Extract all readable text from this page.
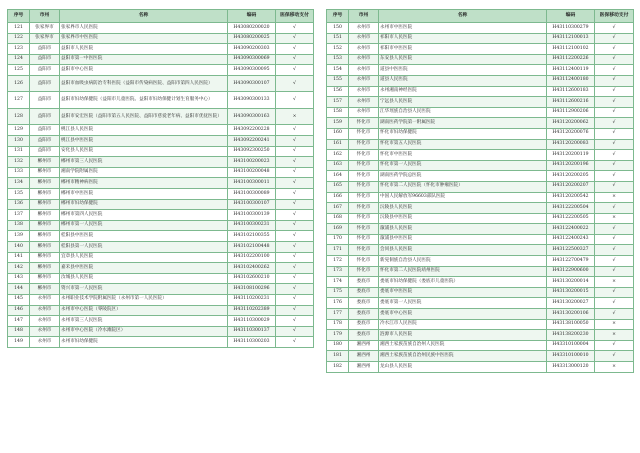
序号	市州	名称	编码	医保移动支付
121	张家界市	张家界市人民医院	H43080200020	√
122	张家界市	张家界市中医医院	H43080200025	√
123	益阳市	益阳市人民医院	H43090200303	√
124	益阳市	益阳市第一中医医院	H43090300069	√
125	益阳市	益阳市中心医院	H43090300095	√
126	益阳市	益阳市血吸虫病防治专科医院（益阳市传染病医院、益阳市第四人民医院）	H43090300107	√
127	益阳市	益阳市妇幼保健院（益阳市儿童医院、益阳市妇幼保健计划生育服务中心）	H43090300133	√
128	益阳市	益阳市安宏医院（益阳市第五人民医院、益阳市慈爱老年病、益阳市优抚医院）	H43090300163	×
129	益阳市	桃江县人民医院	H43092200228	√
130	益阳市	桃江县中医医院	H43092200241	√
131	益阳市	安化县人民医院	H43092300250	√
132	郴州市	郴州市第三人民医院	H43100200023	√
133	郴州市	湘南学院附属医院	H43100200048	√
134	郴州市	郴州市精神病医院	H43100300011	√
135	郴州市	郴州市中医医院	H43100300089	√
136	郴州市	郴州市妇幼保健院	H43100300107	√
137	郴州市	郴州市第四人民医院	H43100300139	√
138	郴州市	郴州市第一人民医院	H43100300231	√
139	郴州市	桂阳县中医医院	H43102100355	√
140	郴州市	桂阳县第一人民医院	H43102100448	√
141	郴州市	宜章县人民医院	H43102200100	√
142	郴州市	嘉禾县中医医院	H43102400262	√
143	郴州市	汝城县人民医院	H43102600210	√
144	郴州市	资兴市第一人民医院	H43108100296	√
145	永州市	永州职业技术学院附属医院（永州市第一人民医院）	H43110200231	√
146	永州市	永州市中心医院（零陵院区）	H43110202389	√
147	永州市	永州市第三人民医院	H43110300029	√
148	永州市	永州市中心医院（冷水滩院区）	H43110300137	√
149	永州市	永州市妇幼保健院	H43110300203	√
序号	市州	名称	编码	医保移动支付
150	永州市	永州市中医医院	H43110300279	√
151	永州市	祁阳市人民医院	H43112100013	√
152	永州市	祁阳市中医医院	H43112100102	√
153	永州市	东安县人民医院	H43112200226	√
154	永州市	道县中医医院	H43112400119	√
155	永州市	道县人民医院	H43112400180	√
156	永州市	永州湘南神经医院	H43112600183	√
157	永州市	宁远县人民医院	H43112600216	√
158	永州市	江华瑶族自治县人民医院	H43112900206	√
159	怀化市	湖南医药学院第一附属医院	H43120200062	√
160	怀化市	怀化市妇幼保健院	H43120200076	√
161	怀化市	怀化市第五人民医院	H43120200083	√
162	怀化市	怀化市中医医院	H43120200119	√
163	怀化市	怀化市第一人民医院	H43120200196	√
164	怀化市	湖南医药学院总医院	H43120200205	√
165	怀化市	怀化市第二人民医院（怀化市肿瘤医院）	H43120200207	√
166	怀化市	中国人民解放军96603部队医院	H43120200542	×
167	怀化市	沅陵县人民医院	H43122200504	√
168	怀化市	沅陵县中医医院	H43122200505	×
169	怀化市	溆浦县人民医院	H43122400022	√
170	怀化市	溆浦县中医医院	H43122400243	√
171	怀化市	会同县人民医院	H43122500327	√
172	怀化市	新晃侗族自治县人民医院	H43122700479	√
173	怀化市	怀化市第二人民医院靖州医院	H43122900600	√
174	娄底市	娄底市妇幼保健院（娄底市儿童医院）	H43130200014	×
175	娄底市	娄底市中医医院	H43130200015	√
176	娄底市	娄底市第一人民医院	H43130200027	√
177	娄底市	娄底市中心医院	H43130200106	√
178	娄底市	冷水江市人民医院	H43138100050	×
179	娄底市	涟源市人民医院	H43138200230	×
180	湘西州	湘西土家族苗族自治州人民医院	H43310100004	√
181	湘西州	湘西土家族苗族自治州民族中医医院	H43310100010	√
182	湘西州	龙山县人民医院	H43313000120	×
